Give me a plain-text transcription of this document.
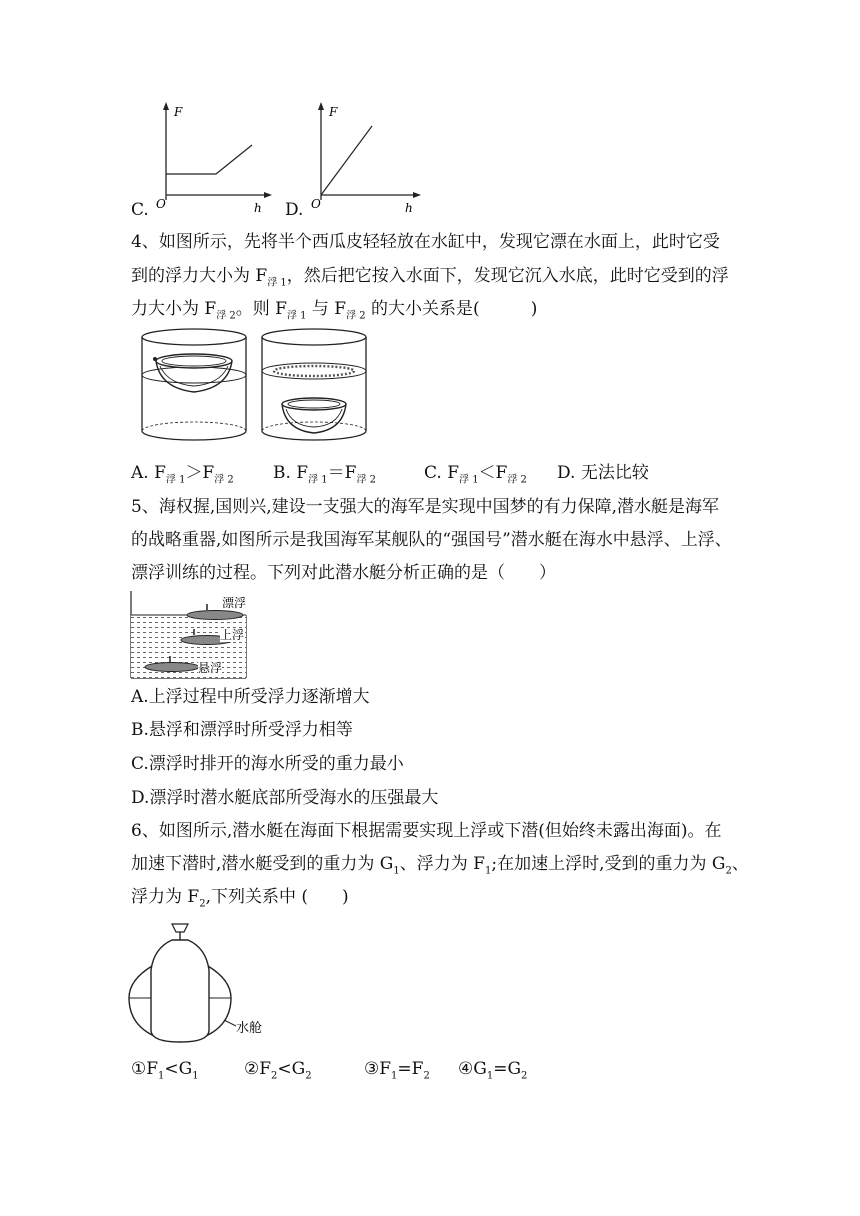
C.
F
O	h D.
F
O	h
4、如图所示，先将半个西瓜皮轻轻放在水缸中，发现它漂在水面上，此时它受
到的浮力大小为 $F_{浮 1}$，然后把它按入水面下，发现它沉入水底，此时它受到的浮
力大小为 $F_{浮 2}$。则 $F_{浮 1}$ 与 $F_{浮 2}$ 的大小关系是(　　　)
A. $F_{浮 1}>F_{浮 2}$ B. $F_{浮 1}=F_{浮 2}$	C. $F_{浮 1}<F_{浮 2}$ D. 无法比较
5、海权握,国则兴,建设一支强大的海军是实现中国梦的有力保障,潜水艇是海军
的战略重器,如图所示是我国海军某舰队的“强国号”潜水艇在海水中悬浮、上浮、
漂浮训练的过程。下列对此潜水艇分析正确的是（　　）
漂浮
上浮
悬浮
A.上浮过程中所受浮力逐渐增大
B.悬浮和漂浮时所受浮力相等
C.漂浮时排开的海水所受的重力最小
D.漂浮时潜水艇底部所受海水的压强最大
6、如图所示,潜水艇在海面下根据需要实现上浮或下潜(但始终未露出海面)。在
加速下潜时,潜水艇受到的重力为 $G_1$、浮力为 $F_1$;在加速上浮时,受到的重力为 $G_2$、
浮力为 $F_2$,下列关系中 (　　)
水舱
$①F_1<G_1$	$②F_2<G_2$	$③F_1=F_2$ $④G_1=G_2$
